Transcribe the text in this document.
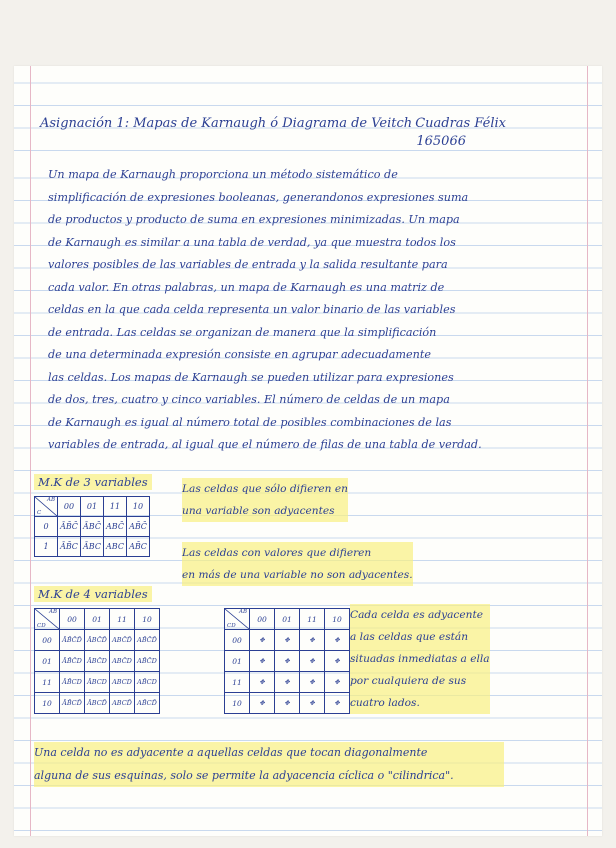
Asignación 1: Mapas de Karnaugh ó Diagrama de Veitch Cuadras Félix
165066
Un mapa de Karnaugh proporciona un método sistemático de
simplificación de expresiones booleanas, generandonos expresiones suma
de productos y producto de suma en expresiones minimizadas. Un mapa
de Karnaugh es similar a una tabla de verdad, ya que muestra todos los
valores posibles de las variables de entrada y la salida resultante para
cada valor. En otras palabras, un mapa de Karnaugh es una matriz de
celdas en la que cada celda representa un valor binario de las variables
de entrada. Las celdas se organizan de manera que la simplificación
de una determinada expresión consiste en agrupar adecuadamente
las celdas. Los mapas de Karnaugh se pueden utilizar para expresiones
de dos, tres, cuatro y cinco variables. El número de celdas de un mapa
de Karnaugh es igual al número total de posibles combinaciones de las
variables de entrada, al igual que el número de filas de una tabla de verdad.
M.K de 3 variables
AB
C	00	01	11	10
0	ĀB̄C̄	ĀBC̄	ABC̄	AB̄C̄
1	ĀB̄C	ĀBC	ABC	AB̄C
Las celdas que sólo difieren en
una variable son adyacentes
Las celdas con valores que difieren
en más de una variable no son adyacentes.
M.K de 4 variables
AB
CD	00	01	11	10
00	ĀB̄C̄D̄	ĀBC̄D̄	ABC̄D̄	AB̄C̄D̄
01	ĀB̄C̄D	ĀBC̄D	ABC̄D	AB̄C̄D
11	ĀB̄CD	ĀBCD	ABCD	AB̄CD
10	ĀB̄CD̄	ĀBCD̄	ABCD̄	AB̄CD̄
AB
CD	00	01	11	10
00	✥	✥	✥	✥
01	✥	✥	✥	✥
11	✥	✥	✥	✥
10	✥	✥	✥	✥
Cada celda es adyacente
a las celdas que están
situadas inmediatas a ella
por cualquiera de sus
cuatro lados.
Una celda no es adyacente a aquellas celdas que tocan diagonalmente
alguna de sus esquinas, solo se permite la adyacencia cíclica o "cilindrica".
